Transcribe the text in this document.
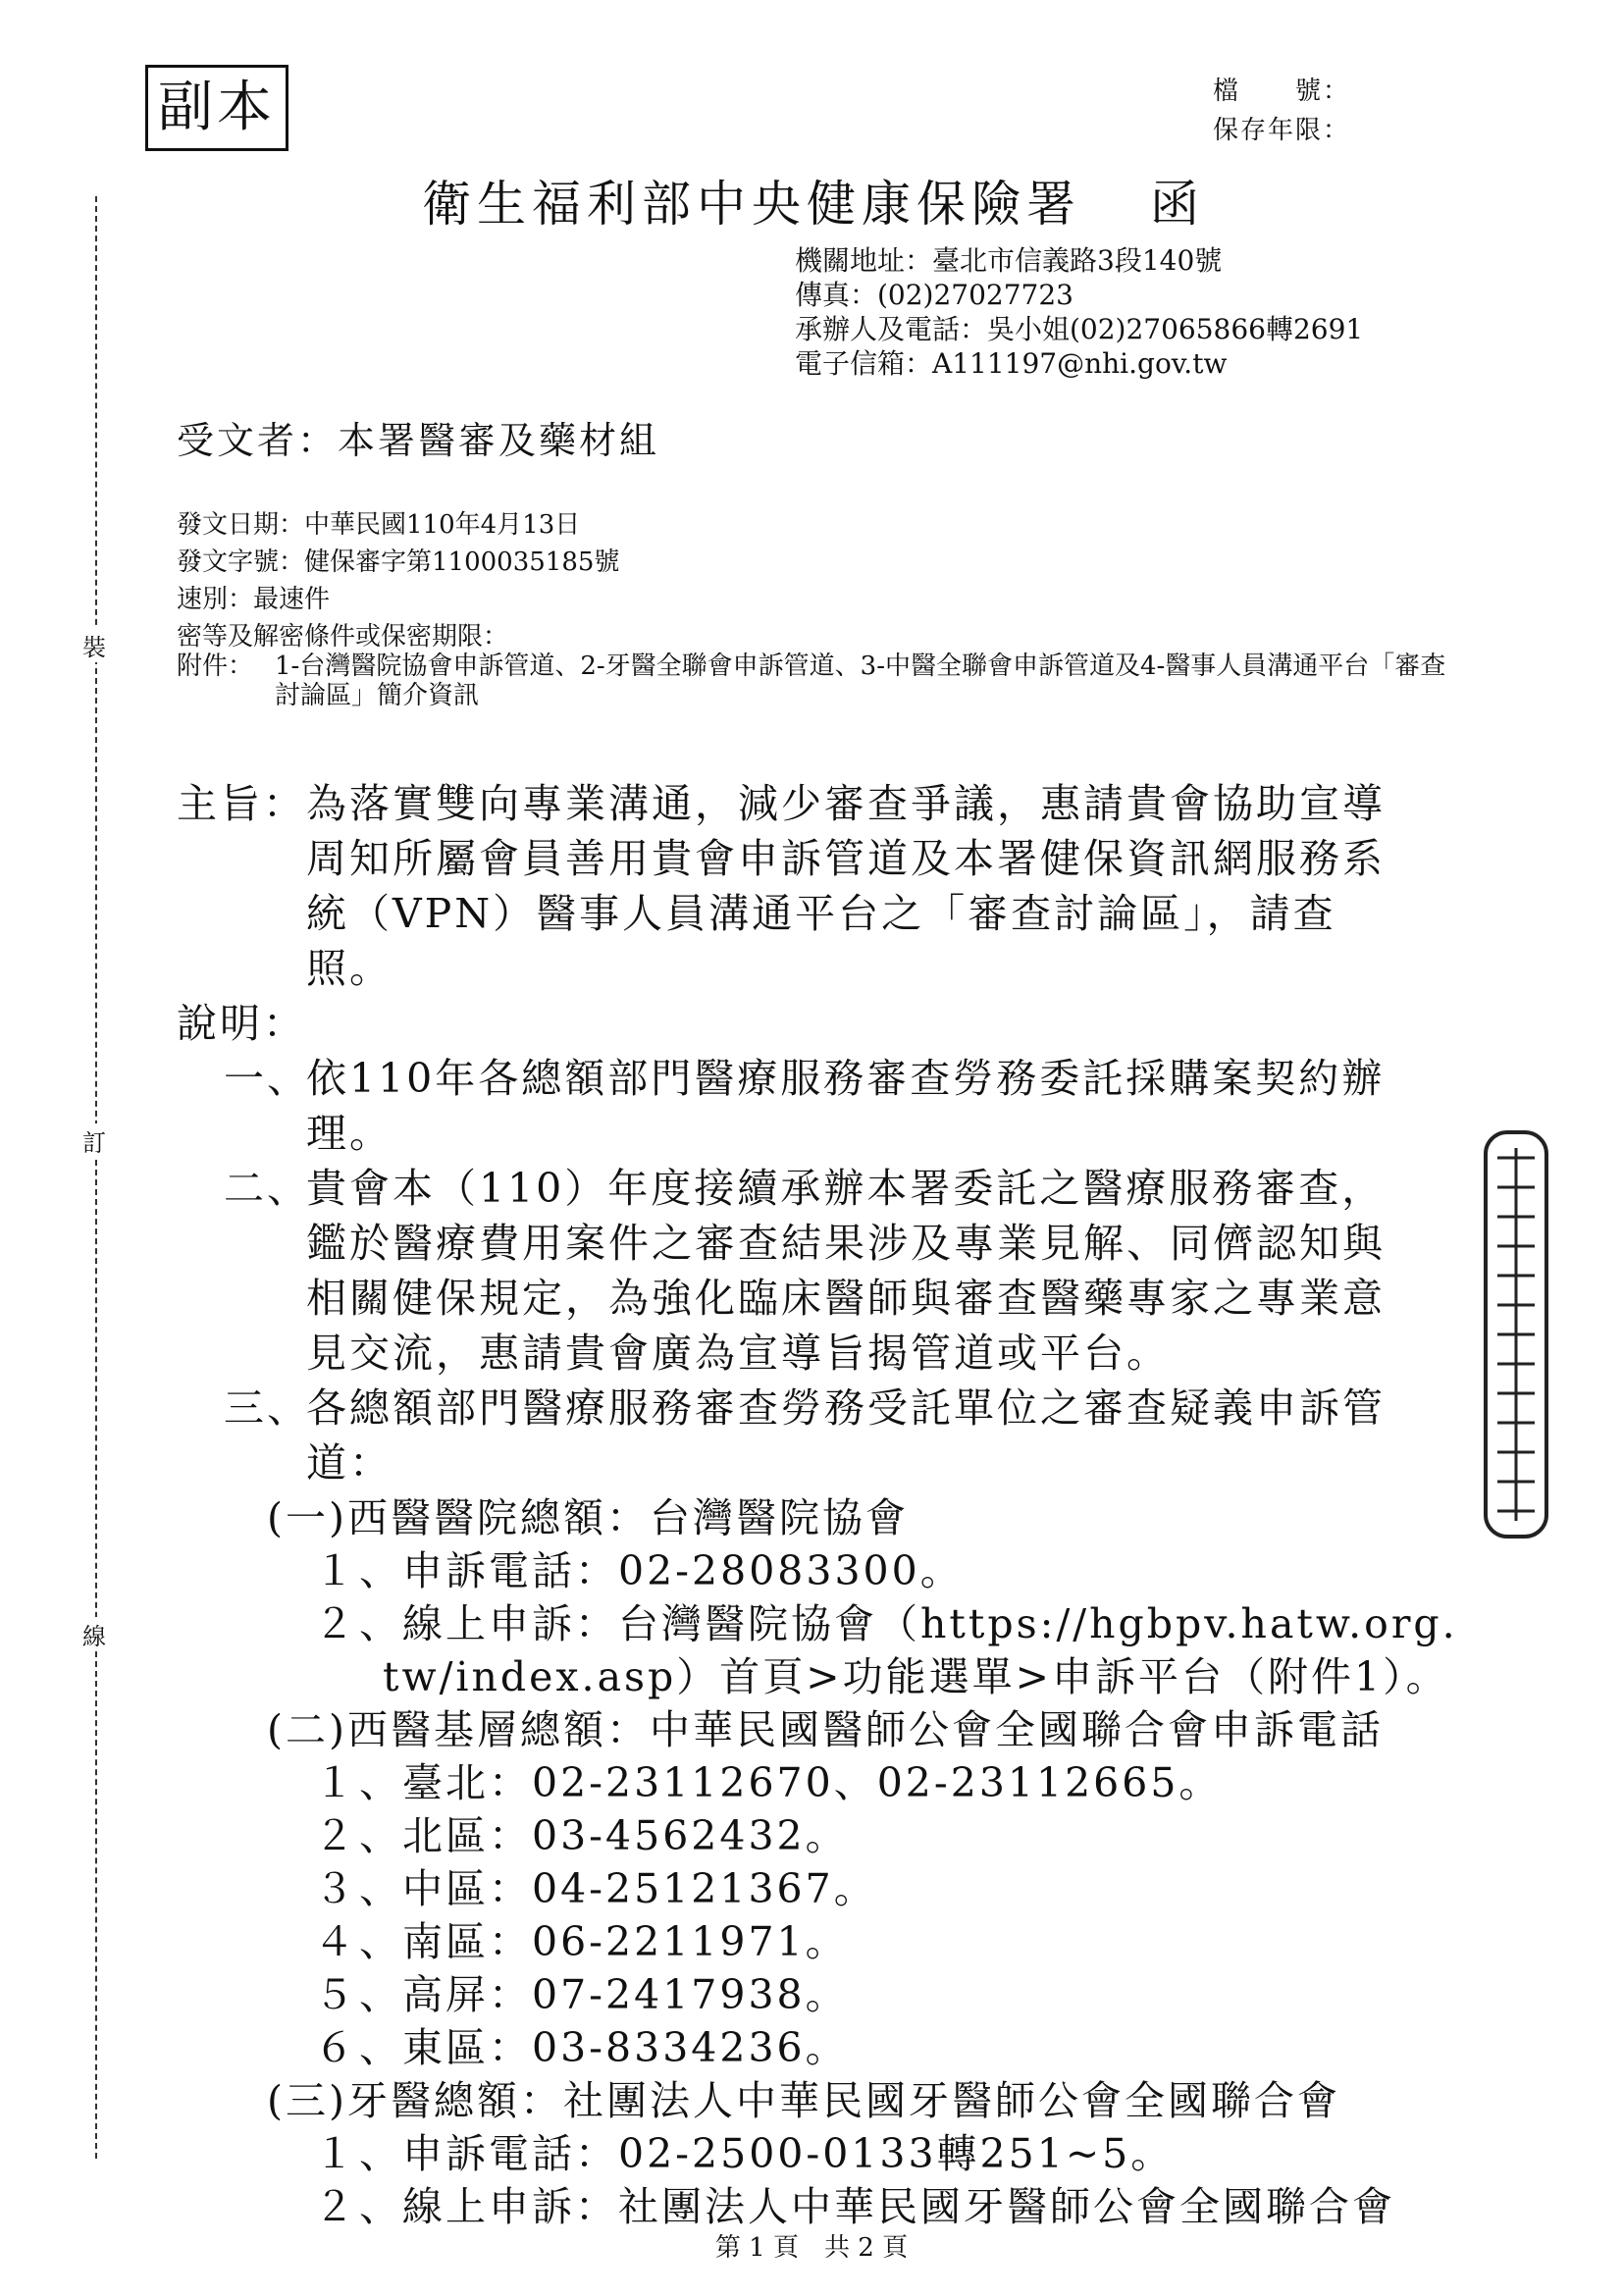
副本	檔　　號：
保存年限：
衛生福利部中央健康保險署 函
機關地址：臺北市信義路3段140號
傳真：(02)27027723
承辦人及電話：吳小姐(02)27065866轉2691
電子信箱：A111197@nhi.gov.tw
受文者：本署醫審及藥材組
發文日期：中華民國110年4月13日
發文字號：健保審字第1100035185號
速別：最速件
密等及解密條件或保密期限：
附件： 1-台灣醫院協會申訴管道、2-牙醫全聯會申訴管道、3-中醫全聯會申訴管道及4-醫事人員溝通平台「審查討論區」簡介資訊
主旨： 為落實雙向專業溝通，減少審查爭議，惠請貴會協助宣導
周知所屬會員善用貴會申訴管道及本署健保資訊網服務系
統（VPN）醫事人員溝通平台之「審查討論區」，請查
照。
說明：
一、
依110年各總額部門醫療服務審查勞務委託採購案契約辦
理。
二、
貴會本（110）年度接續承辦本署委託之醫療服務審查，
鑑於醫療費用案件之審查結果涉及專業見解、同儕認知與
相關健保規定，為強化臨床醫師與審查醫藥專家之專業意
見交流，惠請貴會廣為宣導旨揭管道或平台。
三、
各總額部門醫療服務審查勞務受託單位之審查疑義申訴管
道：
(一)西醫醫院總額：台灣醫院協會
１ 、申訴電話：02-28083300。
２ 、線上申訴：台灣醫院協會（https://hgbpv.hatw.org.
tw/index.asp）首頁>功能選單>申訴平台（附件1）。
(二)西醫基層總額：中華民國醫師公會全國聯合會申訴電話
１ 、臺北：02-23112670、02-23112665。
２ 、北區：03-4562432。
３ 、中區：04-25121367。
４ 、南區：06-2211971。
５ 、高屏：07-2417938。
６ 、東區：03-8334236。
(三)牙醫總額：社團法人中華民國牙醫師公會全國聯合會
１ 、申訴電話：02-2500-0133轉251~5。
２ 、線上申訴：社團法人中華民國牙醫師公會全國聯合會
裝
訂
線
第 1 頁　共 2 頁
